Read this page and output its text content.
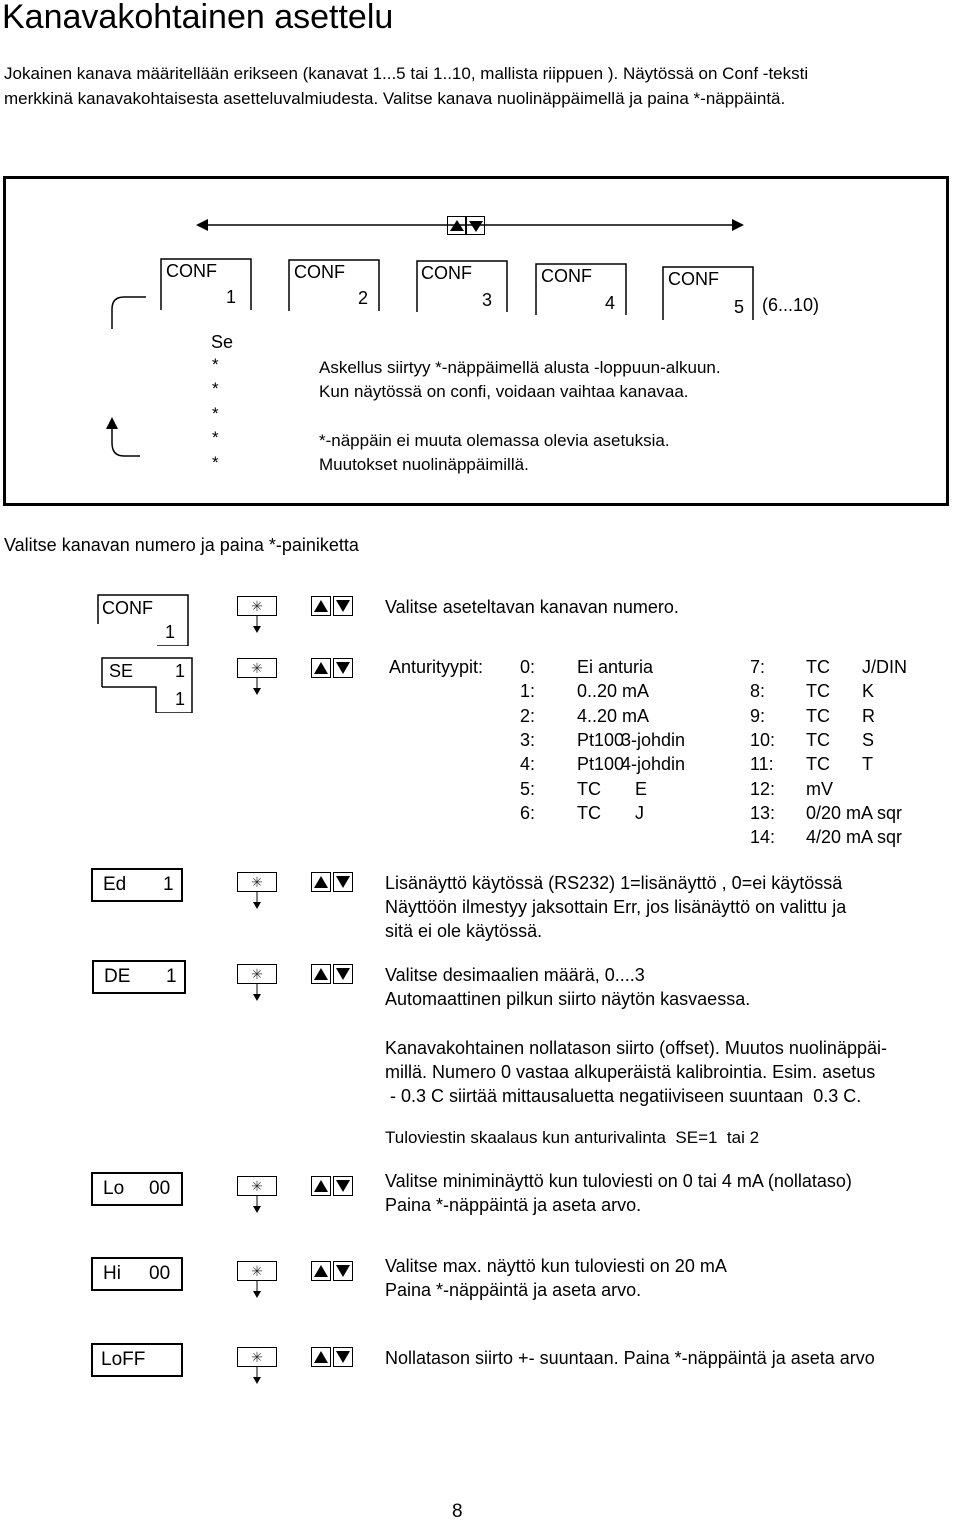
Kanavakohtainen asettelu
Jokainen kanava määritellään erikseen (kanavat 1...5 tai 1..10, mallista riippuen ). Näytössä on Conf -teksti
merkkinä kanavakohtaisesta asetteluvalmiudesta. Valitse kanava nuolinäppäimellä ja paina *-näppäintä.
CONF
1
CONF
2
CONF
3
CONF
4
CONF
5 (6...10)
Se
*
*
*
*
*
Askellus siirtyy *-näppäimellä alusta -loppuun-alkuun.
Kun näytössä on confi, voidaan vaihtaa kanavaa.
*-näppäin ei muuta olemassa olevia asetuksia.
Muutokset nuolinäppäimillä.
Valitse kanavan numero ja paina *-painiketta
CONF
1
SE 1
1
Ed 1
DE 1
Lo 00
Hi 00
LoFF
✳
✳
✳
✳
✳
✳
✳
Valitse aseteltavan kanavan numero.
Anturityypit: 0: Ei anturia
1: 0..20 mA
2: 4..20 mA
3: Pt100
3-johdin
4: Pt100
4-johdin
5: TC E
6: TC J
7: TC J/DIN
8: TC K
9: TC R
10: TC S
11: TC T
12: mV
13: 0/20 mA sqr
14: 4/20 mA sqr
Lisänäyttö käytössä (RS232) 1=lisänäyttö , 0=ei käytössä
Näyttöön ilmestyy jaksottain Err, jos lisänäyttö on valittu ja
sitä ei ole käytössä.
Valitse desimaalien määrä, 0....3
Automaattinen pilkun siirto näytön kasvaessa.
Kanavakohtainen nollatason siirto (offset). Muutos nuolinäppäi-
millä. Numero 0 vastaa alkuperäistä kalibrointia. Esim. asetus
- 0.3 C siirtää mittausaluetta negatiiviseen suuntaan  0.3 C.
Tuloviestin skaalaus kun anturivalinta  SE=1  tai 2
Valitse miniminäyttö kun tuloviesti on 0 tai 4 mA (nollataso)
Paina *-näppäintä ja aseta arvo.
Valitse max. näyttö kun tuloviesti on 20 mA
Paina *-näppäintä ja aseta arvo.
Nollatason siirto +- suuntaan. Paina *-näppäintä ja aseta arvo
8
